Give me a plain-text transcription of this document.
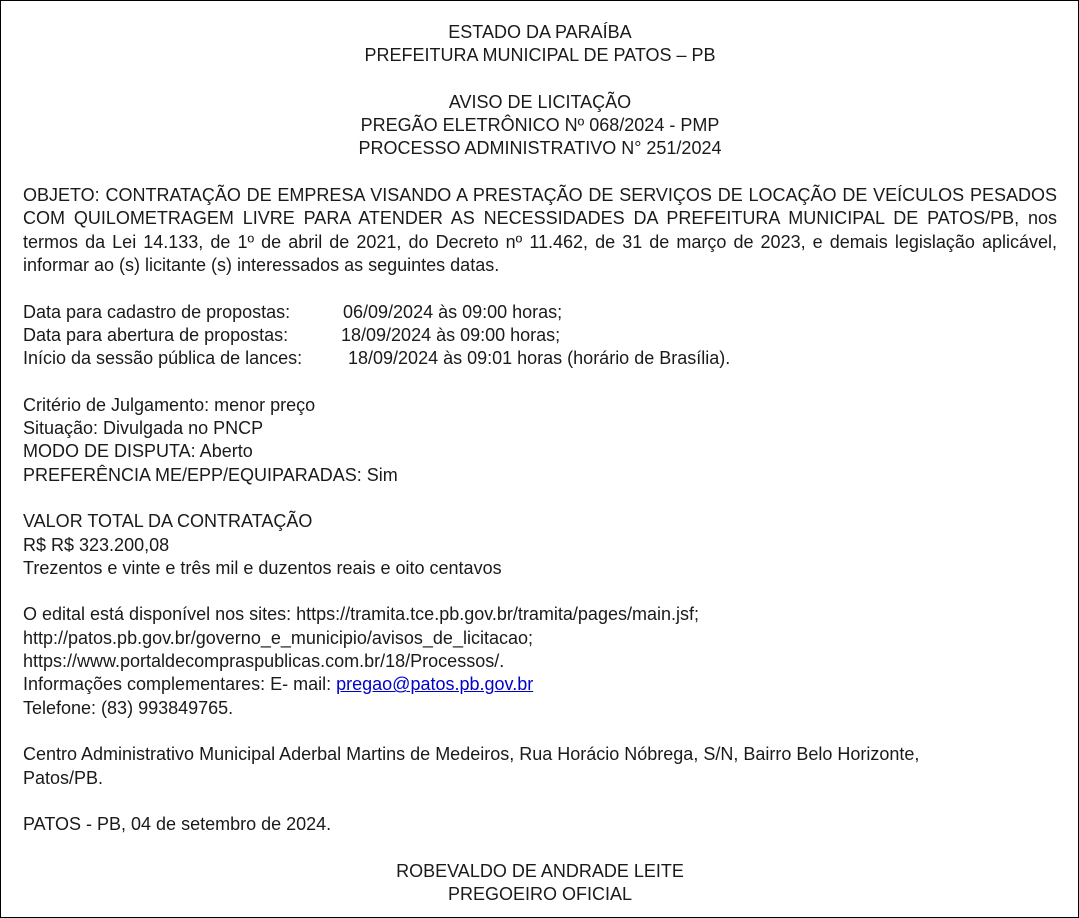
ESTADO DA PARAÍBA
PREFEITURA MUNICIPAL DE PATOS – PB
AVISO DE LICITAÇÃO
PREGÃO ELETRÔNICO Nº 068/2024 - PMP
PROCESSO ADMINISTRATIVO N° 251/2024
OBJETO: CONTRATAÇÃO DE EMPRESA VISANDO A PRESTAÇÃO DE SERVIÇOS DE LOCAÇÃO DE VEÍCULOS PESADOS COM QUILOMETRAGEM LIVRE PARA ATENDER AS NECESSIDADES DA PREFEITURA MUNICIPAL DE PATOS/PB, nos termos da Lei 14.133, de 1º de abril de 2021, do Decreto nº 11.462, de 31 de março de 2023, e demais legislação aplicável, informar ao (s) licitante (s) interessados as seguintes datas.
Data para cadastro de propostas:	06/09/2024 às 09:00 horas;
Data para abertura de propostas:	18/09/2024 às 09:00 horas;
Início da sessão pública de lances:	18/09/2024 às 09:01 horas (horário de Brasília).
Critério de Julgamento: menor preço
Situação: Divulgada no PNCP
MODO DE DISPUTA: Aberto
PREFERÊNCIA ME/EPP/EQUIPARADAS: Sim
VALOR TOTAL DA CONTRATAÇÃO
R$ R$ 323.200,08
Trezentos e vinte e três mil e duzentos reais e oito centavos
O edital está disponível nos sites: https://tramita.tce.pb.gov.br/tramita/pages/main.jsf;
http://patos.pb.gov.br/governo_e_municipio/avisos_de_licitacao;
https://www.portaldecompraspublicas.com.br/18/Processos/.
Informações complementares: E- mail: pregao@patos.pb.gov.br
Telefone: (83) 993849765.
Centro Administrativo Municipal Aderbal Martins de Medeiros, Rua Horácio Nóbrega, S/N, Bairro Belo Horizonte,
Patos/PB.
PATOS - PB, 04 de setembro de 2024.
ROBEVALDO DE ANDRADE LEITE
PREGOEIRO OFICIAL
